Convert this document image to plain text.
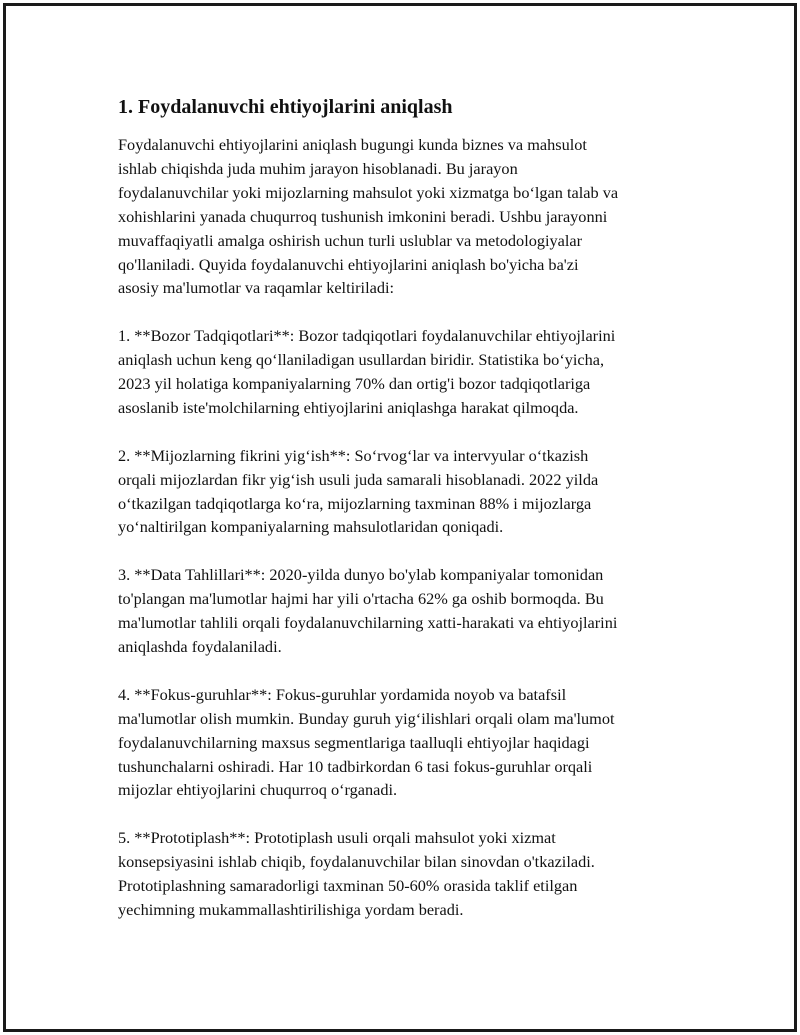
1. Foydalanuvchi ehtiyojlarini aniqlash

Foydalanuvchi ehtiyojlarini aniqlash bugungi kunda biznes va mahsulot
ishlab chiqishda juda muhim jarayon hisoblanadi. Bu jarayon
foydalanuvchilar yoki mijozlarning mahsulot yoki xizmatga bo‘lgan talab va
xohishlarini yanada chuqurroq tushunish imkonini beradi. Ushbu jarayonni
muvaffaqiyatli amalga oshirish uchun turli uslublar va metodologiyalar
qo'llaniladi. Quyida foydalanuvchi ehtiyojlarini aniqlash bo'yicha ba'zi
asosiy ma'lumotlar va raqamlar keltiriladi:

1. **Bozor Tadqiqotlari**: Bozor tadqiqotlari foydalanuvchilar ehtiyojlarini
aniqlash uchun keng qo‘llaniladigan usullardan biridir. Statistika bo‘yicha,
2023 yil holatiga kompaniyalarning 70% dan ortig'i bozor tadqiqotlariga
asoslanib iste'molchilarning ehtiyojlarini aniqlashga harakat qilmoqda.

2. **Mijozlarning fikrini yig‘ish**: So‘rvog‘lar va intervyular o‘tkazish
orqali mijozlardan fikr yig‘ish usuli juda samarali hisoblanadi. 2022 yilda
o‘tkazilgan tadqiqotlarga ko‘ra, mijozlarning taxminan 88% i mijozlarga
yo‘naltirilgan kompaniyalarning mahsulotlaridan qoniqadi.

3. **Data Tahlillari**: 2020-yilda dunyo bo'ylab kompaniyalar tomonidan
to'plangan ma'lumotlar hajmi har yili o'rtacha 62% ga oshib bormoqda. Bu
ma'lumotlar tahlili orqali foydalanuvchilarning xatti-harakati va ehtiyojlarini
aniqlashda foydalaniladi.

4. **Fokus-guruhlar**: Fokus-guruhlar yordamida noyob va batafsil
ma'lumotlar olish mumkin. Bunday guruh yig‘ilishlari orqali olam ma'lumot
foydalanuvchilarning maxsus segmentlariga taalluqli ehtiyojlar haqidagi
tushunchalarni oshiradi. Har 10 tadbirkordan 6 tasi fokus-guruhlar orqali
mijozlar ehtiyojlarini chuqurroq o‘rganadi.

5. **Prototiplash**: Prototiplash usuli orqali mahsulot yoki xizmat
konsepsiyasini ishlab chiqib, foydalanuvchilar bilan sinovdan o'tkaziladi.
Prototiplashning samaradorligi taxminan 50-60% orasida taklif etilgan
yechimning mukammallashtirilishiga yordam beradi.
